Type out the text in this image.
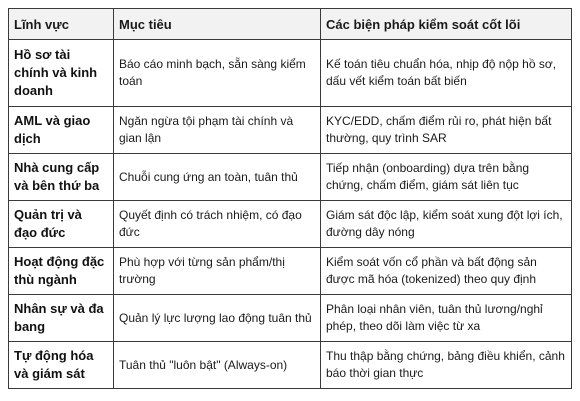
Lĩnh vực	Mục tiêu	Các biện pháp kiểm soát cốt lõi
Hồ sơ tài chính và kinh doanh	Báo cáo minh bạch, sẵn sàng kiểm toán	Kế toán tiêu chuẩn hóa, nhịp độ nộp hồ sơ, dấu vết kiểm toán bất biến
AML và giao dịch	Ngăn ngừa tội phạm tài chính và gian lận	KYC/EDD, chấm điểm rủi ro, phát hiện bất thường, quy trình SAR
Nhà cung cấp và bên thứ ba	Chuỗi cung ứng an toàn, tuân thủ	Tiếp nhận (onboarding) dựa trên bằng chứng, chấm điểm, giám sát liên tục
Quản trị và đạo đức	Quyết định có trách nhiệm, có đạo đức	Giám sát độc lập, kiểm soát xung đột lợi ích, đường dây nóng
Hoạt động đặc thù ngành	Phù hợp với từng sản phẩm/thị trường	Kiểm soát vốn cổ phần và bất động sản được mã hóa (tokenized) theo quy định
Nhân sự và đa bang	Quản lý lực lượng lao động tuân thủ	Phân loại nhân viên, tuân thủ lương/nghỉ phép, theo dõi làm việc từ xa
Tự động hóa và giám sát	Tuân thủ "luôn bật" (Always-on)	Thu thập bằng chứng, bảng điều khiển, cảnh báo thời gian thực
